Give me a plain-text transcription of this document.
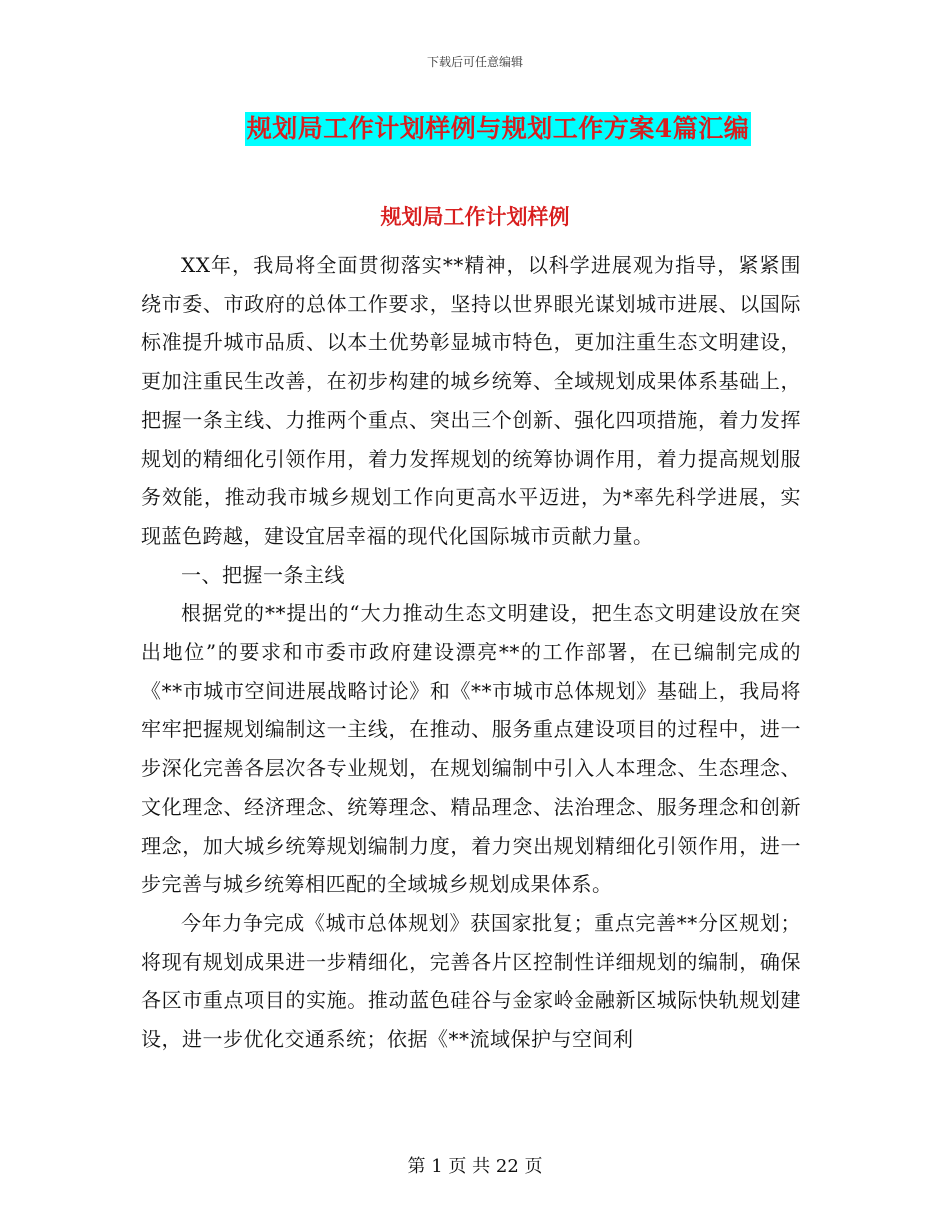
下载后可任意编辑
规划局工作计划样例与规划工作方案4篇汇编
规划局工作计划样例

XX年，我局将全面贯彻落实**精神，以科学进展观为指导，紧紧围绕市委、市政府的总体工作要求，坚持以世界眼光谋划城市进展、以国际标准提升城市品质、以本土优势彰显城市特色，更加注重生态文明建设，更加注重民生改善，在初步构建的城乡统筹、全域规划成果体系基础上，把握一条主线、力推两个重点、突出三个创新、强化四项措施，着力发挥规划的精细化引领作用，着力发挥规划的统筹协调作用，着力提高规划服务效能，推动我市城乡规划工作向更高水平迈进，为*率先科学进展，实现蓝色跨越，建设宜居幸福的现代化国际城市贡献力量。

一、把握一条主线

根据党的**提出的“大力推动生态文明建设，把生态文明建设放在突出地位”的要求和市委市政府建设漂亮**的工作部署，在已编制完成的《**市城市空间进展战略讨论》和《**市城市总体规划》基础上，我局将牢牢把握规划编制这一主线，在推动、服务重点建设项目的过程中，进一步深化完善各层次各专业规划，在规划编制中引入人本理念、生态理念、文化理念、经济理念、统筹理念、精品理念、法治理念、服务理念和创新理念，加大城乡统筹规划编制力度，着力突出规划精细化引领作用，进一步完善与城乡统筹相匹配的全域城乡规划成果体系。

今年力争完成《城市总体规划》获国家批复；重点完善**分区规划；将现有规划成果进一步精细化，完善各片区控制性详细规划的编制，确保各区市重点项目的实施。推动蓝色硅谷与金家岭金融新区城际快轨规划建设，进一步优化交通系统；依据《**流域保护与空间利

第 1 页 共 22 页
